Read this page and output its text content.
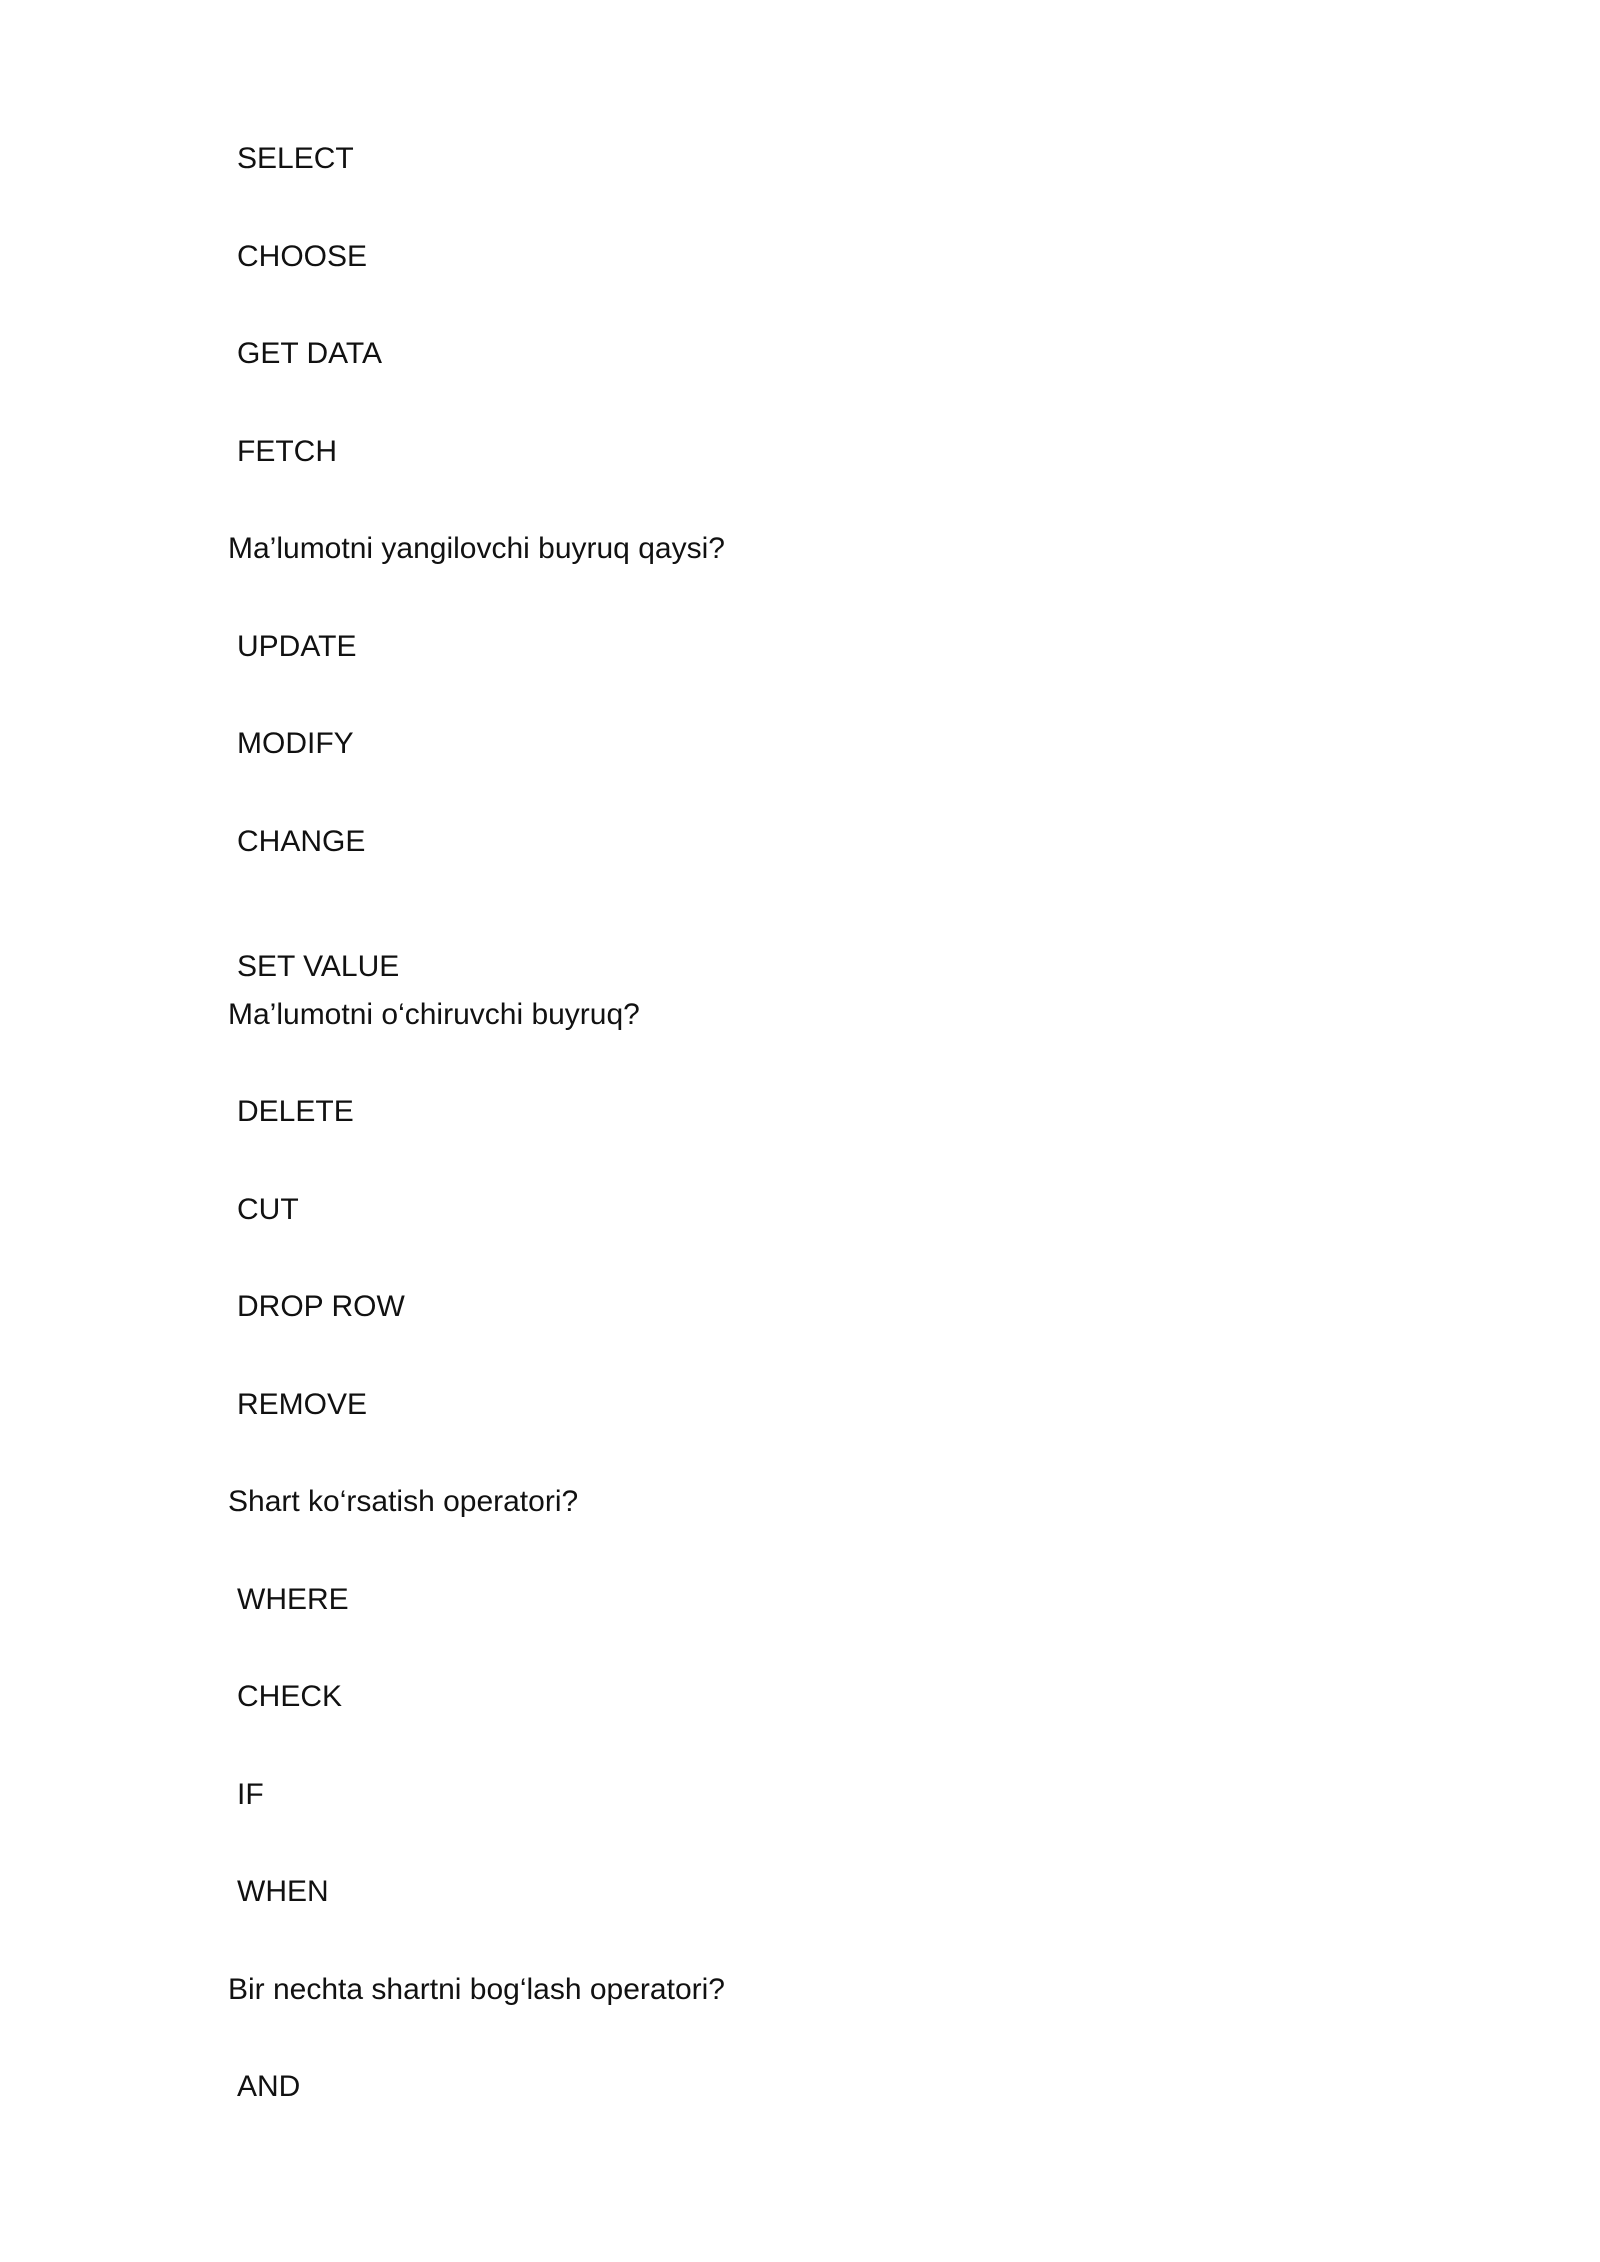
SELECT
CHOOSE
GET DATA
FETCH
Ma’lumotni yangilovchi buyruq qaysi?
UPDATE
MODIFY
CHANGE
SET VALUE
Ma’lumotni o‘chiruvchi buyruq?
DELETE
CUT
DROP ROW
REMOVE
Shart ko‘rsatish operatori?
WHERE
CHECK
IF
WHEN
Bir nechta shartni bog‘lash operatori?
AND
